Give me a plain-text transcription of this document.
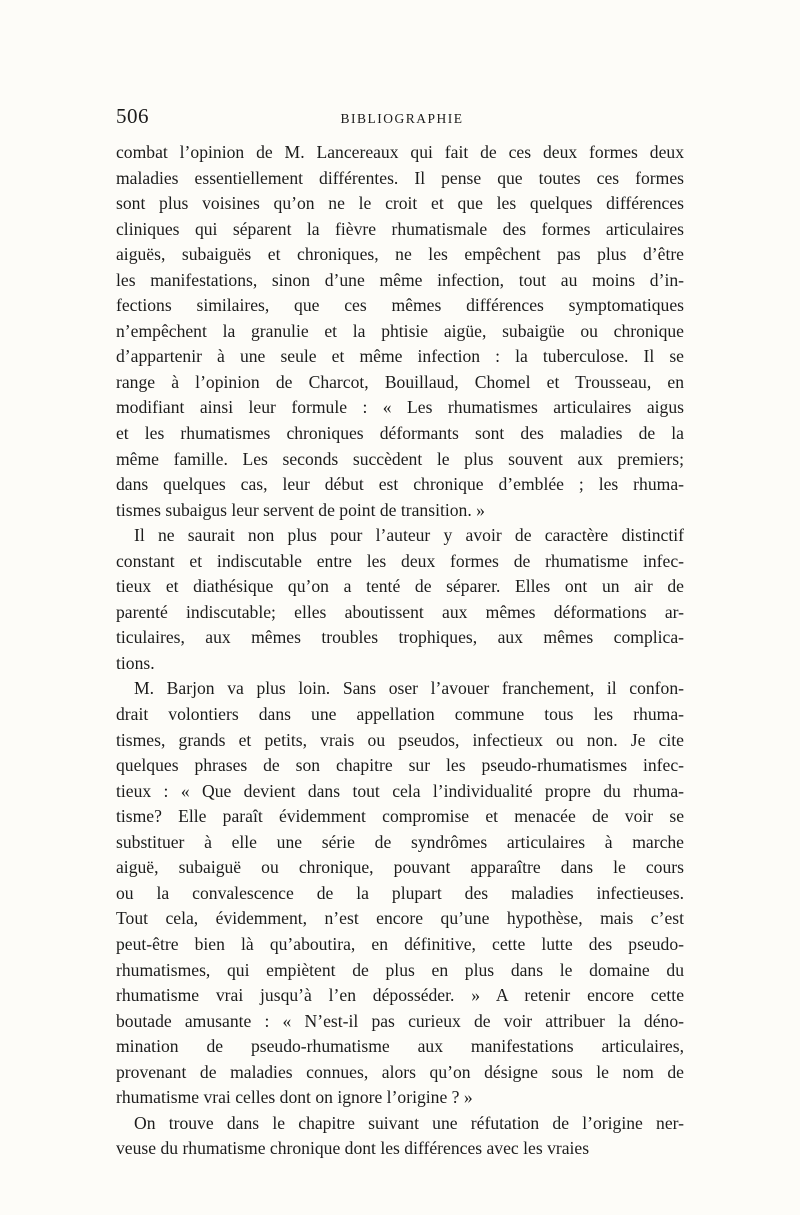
506	BIBLIOGRAPHIE
combat l’opinion de M. Lancereaux qui fait de ces deux formes deux
maladies essentiellement différentes. Il pense que toutes ces formes
sont plus voisines qu’on ne le croit et que les quelques différences
cliniques qui séparent la fièvre rhumatismale des formes articulaires
aiguës, subaiguës et chroniques, ne les empêchent pas plus d’être
les manifestations, sinon d’une même infection, tout au moins d’in-
fections similaires, que ces mêmes différences symptomatiques
n’empêchent la granulie et la phtisie aigüe, subaigüe ou chronique
d’appartenir à une seule et même infection : la tuberculose. Il se
range à l’opinion de Charcot, Bouillaud, Chomel et Trousseau, en
modifiant ainsi leur formule : « Les rhumatismes articulaires aigus
et les rhumatismes chroniques déformants sont des maladies de la
même famille. Les seconds succèdent le plus souvent aux premiers;
dans quelques cas, leur début est chronique d’emblée ; les rhuma-
tismes subaigus leur servent de point de transition. »
Il ne saurait non plus pour l’auteur y avoir de caractère distinctif
constant et indiscutable entre les deux formes de rhumatisme infec-
tieux et diathésique qu’on a tenté de séparer. Elles ont un air de
parenté indiscutable; elles aboutissent aux mêmes déformations ar-
ticulaires, aux mêmes troubles trophiques, aux mêmes complica-
tions.
M. Barjon va plus loin. Sans oser l’avouer franchement, il confon-
drait volontiers dans une appellation commune tous les rhuma-
tismes, grands et petits, vrais ou pseudos, infectieux ou non. Je cite
quelques phrases de son chapitre sur les pseudo-rhumatismes infec-
tieux : « Que devient dans tout cela l’individualité propre du rhuma-
tisme? Elle paraît évidemment compromise et menacée de voir se
substituer à elle une série de syndrômes articulaires à marche
aiguë, subaiguë ou chronique, pouvant apparaître dans le cours
ou la convalescence de la plupart des maladies infectieuses.
Tout cela, évidemment, n’est encore qu’une hypothèse, mais c’est
peut-être bien là qu’aboutira, en définitive, cette lutte des pseudo-
rhumatismes, qui empiètent de plus en plus dans le domaine du
rhumatisme vrai jusqu’à l’en déposséder. » A retenir encore cette
boutade amusante : « N’est-il pas curieux de voir attribuer la déno-
mination de pseudo-rhumatisme aux manifestations articulaires,
provenant de maladies connues, alors qu’on désigne sous le nom de
rhumatisme vrai celles dont on ignore l’origine ? »
On trouve dans le chapitre suivant une réfutation de l’origine ner-
veuse du rhumatisme chronique dont les différences avec les vraies
